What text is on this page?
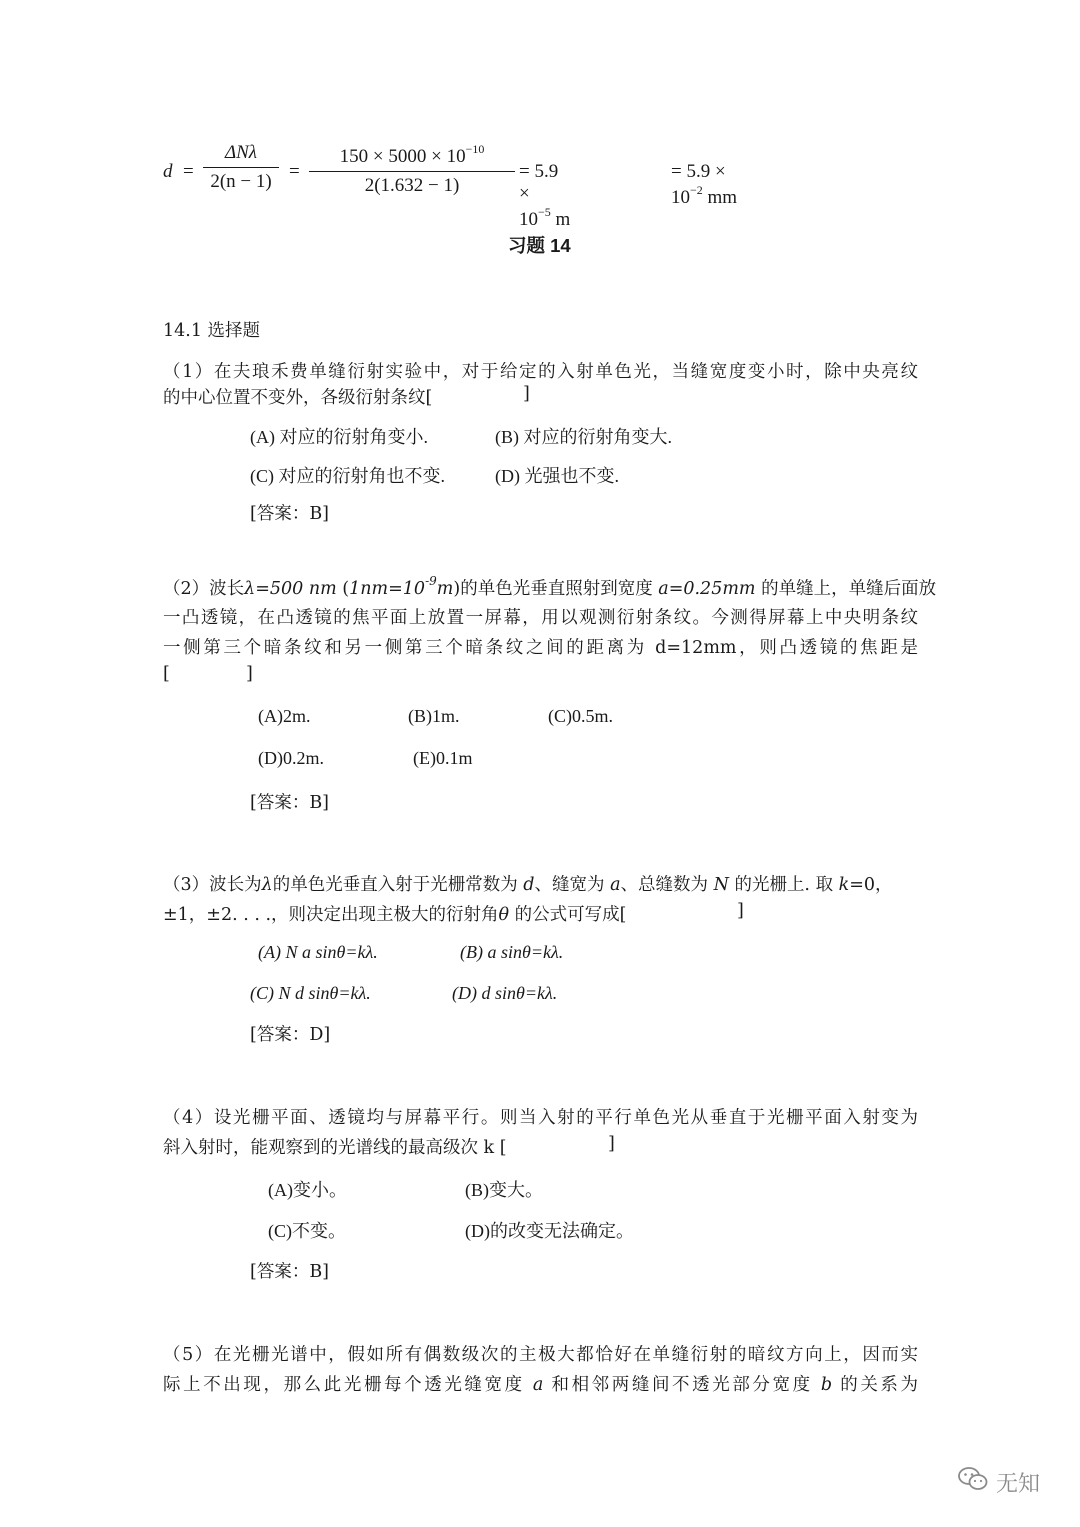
d =
ΔNλ
2(n − 1) =
$150 \times 5000 \times 10^{-10}$
2(1.632 − 1)
= $5.9 \times 10^{-5}$ m
= $5.9 \times 10^{-2}$ mm
习题 14
14.1 选择题
（1）在夫琅禾费单缝衍射实验中，对于给定的入射单色光，当缝宽度变小时，除中央亮纹
的中心位置不变外，各级衍射条纹[	]
(A) 对应的衍射角变小.	(B) 对应的衍射角变大.
(C) 对应的衍射角也不变.	(D) 光强也不变.
[答案：B]
（2）波长λ=500 nm $(1nm=10^{-9}m)$的单色光垂直照射到宽度 a=0.25mm 的单缝上，单缝后面放
一凸透镜，在凸透镜的焦平面上放置一屏幕，用以观测衍射条纹。今测得屏幕上中央明条纹
一侧第三个暗条纹和另一侧第三个暗条纹之间的距离为 d=12mm，则凸透镜的焦距是
[	]
(A)2m.	(B)1m.	(C)0.5m.
(D)0.2m.	(E)0.1m
[答案：B]
（3）波长为λ的单色光垂直入射于光栅常数为 d、缝宽为 a、总缝数为 N 的光栅上. 取 k=0，
±1，±2. . . .，则决定出现主极大的衍射角θ 的公式可写成[	]
(A) N a sinθ=kλ.	(B) a sinθ=kλ.
(C) N d sinθ=kλ.	(D) d sinθ=kλ.
[答案：D]
（4）设光栅平面、透镜均与屏幕平行。则当入射的平行单色光从垂直于光栅平面入射变为
斜入射时，能观察到的光谱线的最高级次 k [	]
(A)变小。	(B)变大。
(C)不变。	(D)的改变无法确定。
[答案：B]
（5）在光栅光谱中，假如所有偶数级次的主极大都恰好在单缝衍射的暗纹方向上，因而实
际上不出现，那么此光栅每个透光缝宽度 a 和相邻两缝间不透光部分宽度 b 的关系为
无知
